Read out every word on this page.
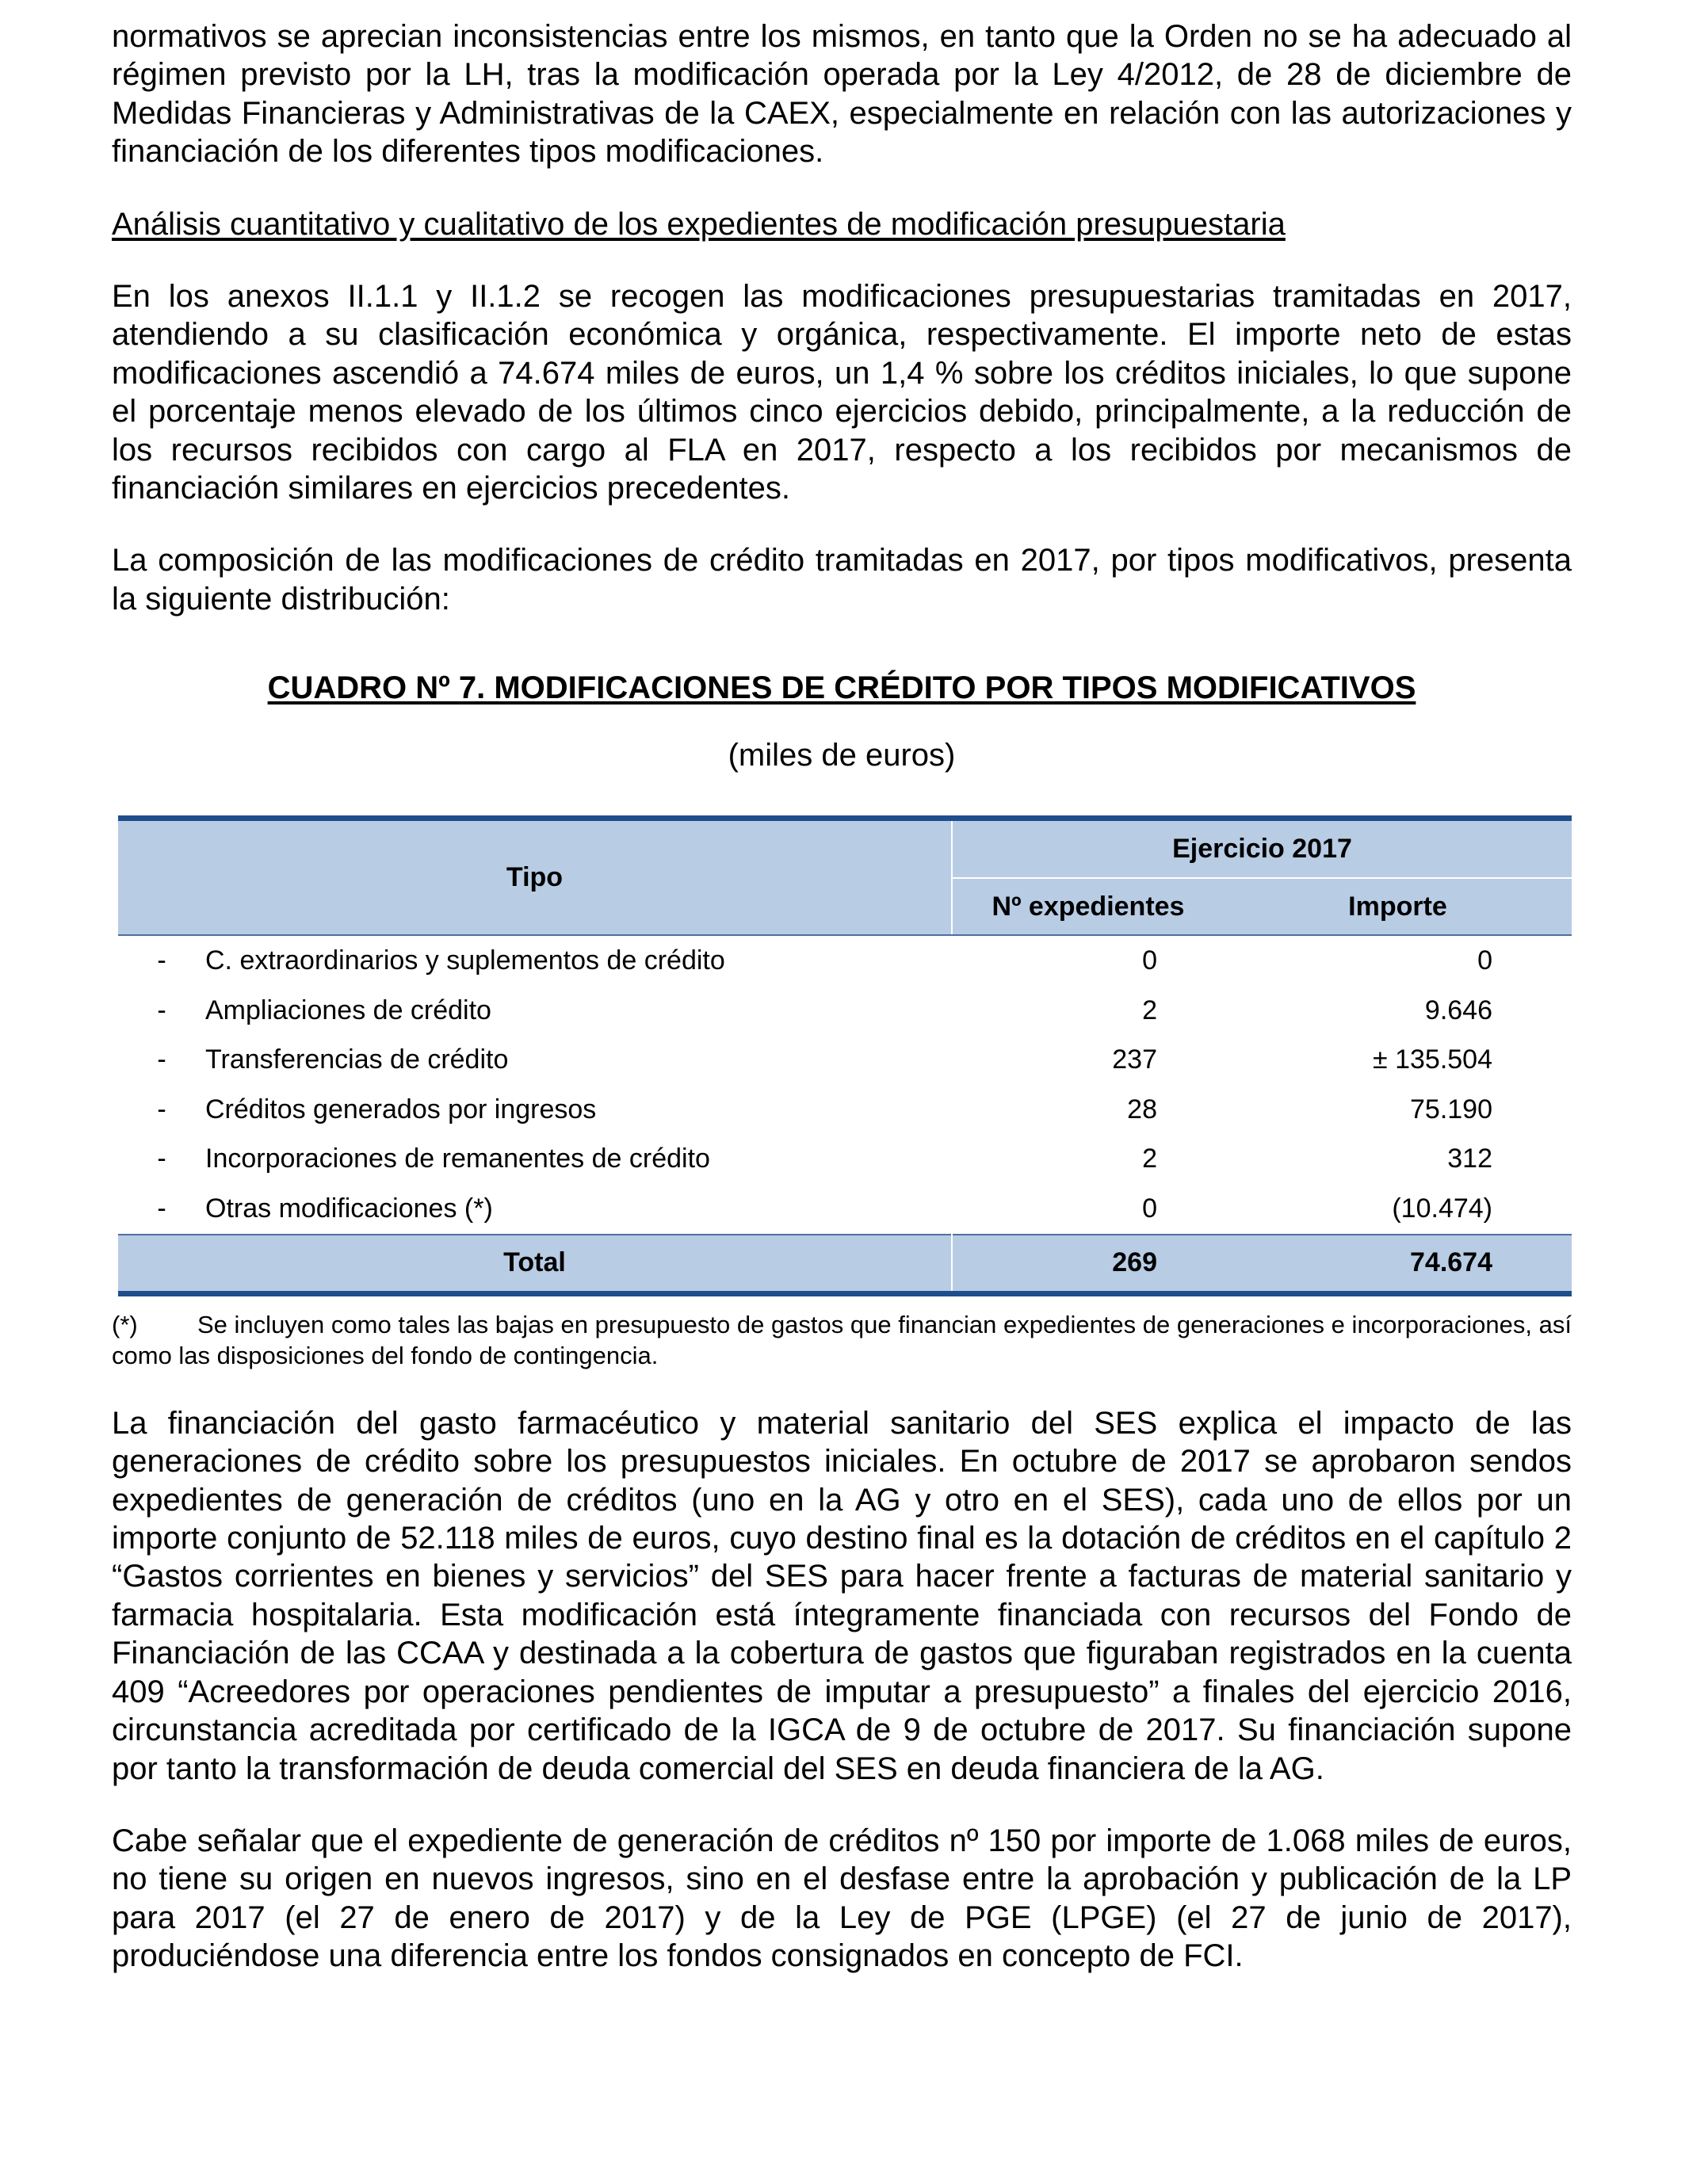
normativos se aprecian inconsistencias entre los mismos, en tanto que la Orden no se ha adecuado al régimen previsto por la LH, tras la modificación operada por la Ley 4/2012, de 28 de diciembre de Medidas Financieras y Administrativas de la CAEX, especialmente en relación con las autorizaciones y financiación de los diferentes tipos modificaciones.

Análisis cuantitativo y cualitativo de los expedientes de modificación presupuestaria

En los anexos II.1.1 y II.1.2 se recogen las modificaciones presupuestarias tramitadas en 2017, atendiendo a su clasificación económica y orgánica, respectivamente. El importe neto de estas modificaciones ascendió a 74.674 miles de euros, un 1,4 % sobre los créditos iniciales, lo que supone el porcentaje menos elevado de los últimos cinco ejercicios debido, principalmente, a la reducción de los recursos recibidos con cargo al FLA en 2017, respecto a los recibidos por mecanismos de financiación similares en ejercicios precedentes.

La composición de las modificaciones de crédito tramitadas en 2017, por tipos modificativos, presenta la siguiente distribución:

CUADRO Nº 7. MODIFICACIONES DE CRÉDITO POR TIPOS MODIFICATIVOS
(miles de euros)
Tipo		Ejercicio 2017	
		Nº expedientes	Importe
-	C. extraordinarios y suplementos de crédito	0	0
-	Ampliaciones de crédito	2	9.646
-	Transferencias de crédito	237	± 135.504
-	Créditos generados por ingresos	28	75.190
-	Incorporaciones de remanentes de crédito	2	312
-	Otras modificaciones (*)	0	(10.474)
Total		269	74.674

(*) Se incluyen como tales las bajas en presupuesto de gastos que financian expedientes de generaciones e incorporaciones, así como las disposiciones del fondo de contingencia.

La financiación del gasto farmacéutico y material sanitario del SES explica el impacto de las generaciones de crédito sobre los presupuestos iniciales. En octubre de 2017 se aprobaron sendos expedientes de generación de créditos (uno en la AG y otro en el SES), cada uno de ellos por un importe conjunto de 52.118 miles de euros, cuyo destino final es la dotación de créditos en el capítulo 2 “Gastos corrientes en bienes y servicios” del SES para hacer frente a facturas de material sanitario y farmacia hospitalaria. Esta modificación está íntegramente financiada con recursos del Fondo de Financiación de las CCAA y destinada a la cobertura de gastos que figuraban registrados en la cuenta 409 “Acreedores por operaciones pendientes de imputar a presupuesto” a finales del ejercicio 2016, circunstancia acreditada por certificado de la IGCA de 9 de octubre de 2017. Su financiación supone por tanto la transformación de deuda comercial del SES en deuda financiera de la AG.

Cabe señalar que el expediente de generación de créditos nº 150 por importe de 1.068 miles de euros, no tiene su origen en nuevos ingresos, sino en el desfase entre la aprobación y publicación de la LP para 2017 (el 27 de enero de 2017) y de la Ley de PGE (LPGE) (el 27 de junio de 2017), produciéndose una diferencia entre los fondos consignados en concepto de FCI.
